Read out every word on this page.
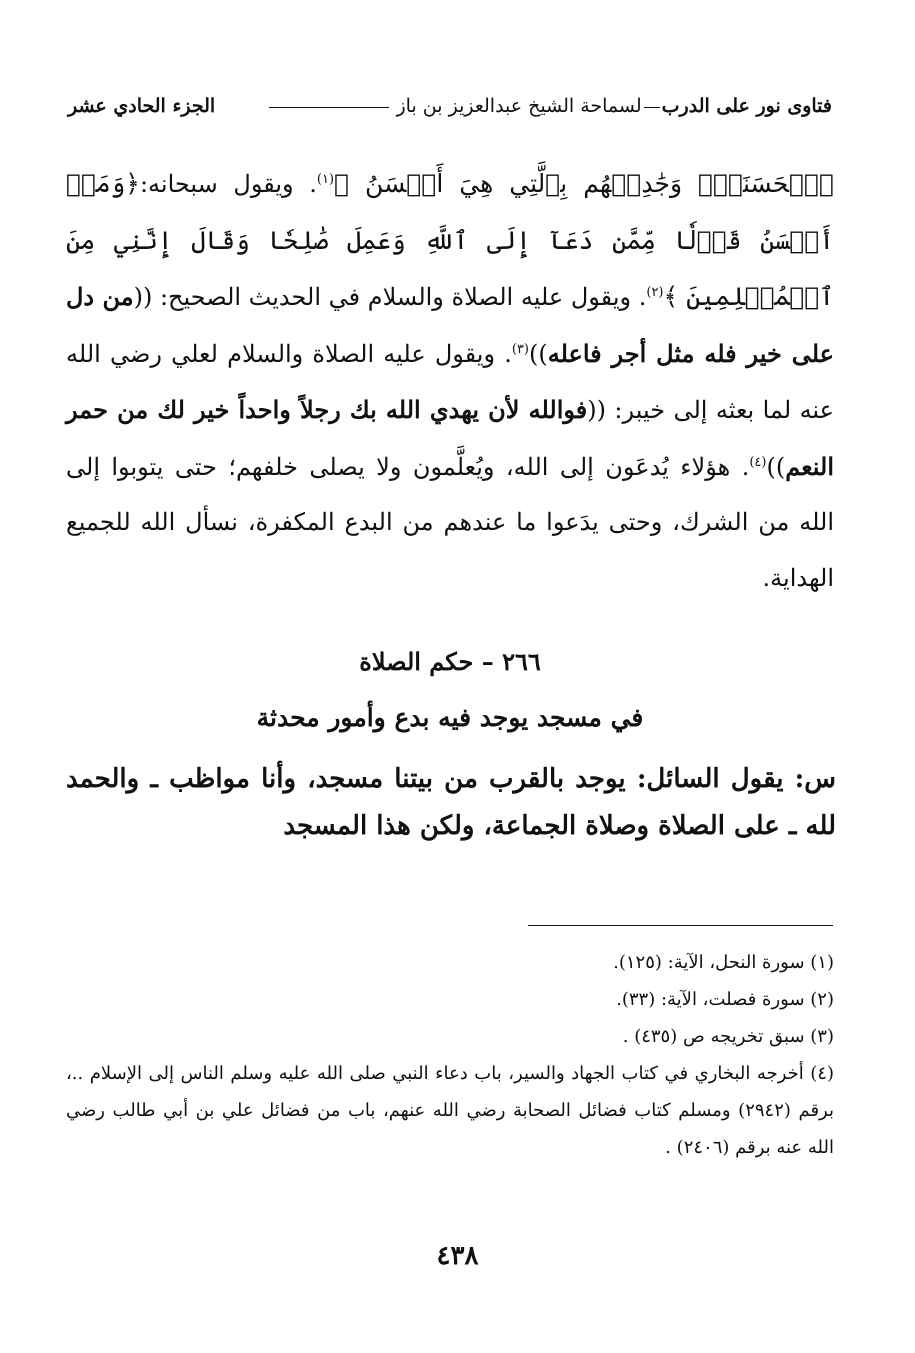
فتاوى نور على الدربلسماحة الشيخ عبدالعزيز بن باز
الجزء الحادي عشر
ٱلۡحَسَنَةِۖ وَجَٰدِلۡهُم بِٱلَّتِي هِيَ أَحۡسَنُ ﴾$^{(١)}$. ويقول سبحانه:﴿وَمَنۡ أَحۡسَنُ قَوۡلٗا مِّمَّن دَعَآ إِلَى ٱللَّهِ وَعَمِلَ صَٰلِحٗا وَقَالَ إِنَّنِي مِنَ ٱلۡمُسۡلِمِينَ ﴾$^{(٢)}$. ويقول عليه الصلاة والسلام في الحديث الصحيح: ((من دل على خير فله مثل أجر فاعله))$^{(٣)}$. ويقول عليه الصلاة والسلام لعلي رضي الله عنه لما بعثه إلى خيبر: ((فوالله لأن يهدي الله بك رجلاً واحداً خير لك من حمر النعم))$^{(٤)}$. هؤلاء يُدعَون إلى الله، ويُعلَّمون ولا يصلى خلفهم؛ حتى يتوبوا إلى الله من الشرك، وحتى يدَعوا ما عندهم من البدع المكفرة، نسأل الله للجميع الهداية.
٢٦٦ – حكم الصلاة
في مسجد يوجد فيه بدع وأمور محدثة
س: يقول السائل: يوجد بالقرب من بيتنا مسجد، وأنا مواظب ـ والحمد لله ـ على الصلاة وصلاة الجماعة، ولكن هذا المسجد

(١) سورة النحل، الآية: (١٢٥).

(٢) سورة فصلت، الآية: (٣٣).

(٣) سبق تخريجه ص (٤٣٥) .

(٤) أخرجه البخاري في كتاب الجهاد والسير، باب دعاء النبي صلى الله عليه وسلم الناس إلى الإسلام ..، برقم (٢٩٤٢) ومسلم كتاب فضائل الصحابة رضي الله عنهم، باب من فضائل علي بن أبي طالب رضي الله عنه برقم (٢٤٠٦) .

٤٣٨
